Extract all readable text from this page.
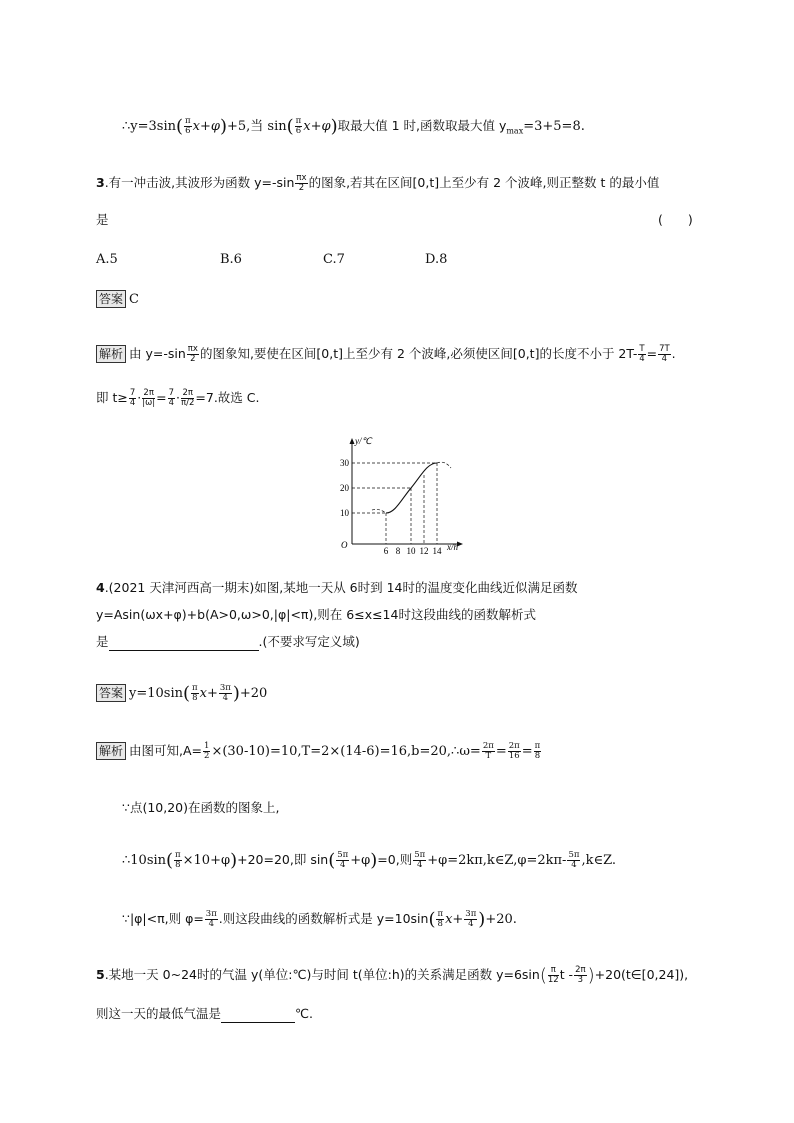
∴y=3sin( $\frac{\pi}{6} x+\varphi)+5$,当 $\sin( \frac{\pi}{6} x+\varphi)$取最大值 1 时,函数取最大值 $y_{max}=3+5=8$.
3.有一冲击波,其波形为函数 $y=-\sin \frac{\pi x}{2}$ 的图象,若其在区间[0,t]上至少有 2 个波峰,则正整数 t 的最小值
是	(　　)
A.5	B.6	C.7	D.8
答案 C
解析 由 $y=-\sin \frac{\pi x}{2}$ 的图象知,要使在区间[0,t]上至少有 2 个波峰,必须使区间[0,t]的长度不小于 $2T- \frac{T}{4} = \frac{7T}{4}$ .
即 $t\ge \frac{7}{4} \cdot \frac{2\pi}{|\omega|} = \frac{7}{4} \cdot \frac{2\pi}{\pi/2} =7$.故选 C.
y/℃
x/h
O
10
20
30
6 8 10 12 14
4.(2021 天津河西高一期末)如图,某地一天从 6时到 14时的温度变化曲线近似满足函数
y=Asin(ωx+φ)+b(A>0,ω>0,|φ|<π),则在 6≤x≤14时这段曲线的函数解析式
是	.(不要求写定义域)
答案 $y=10\sin( \frac{\pi}{8} x+ \frac{3\pi}{4} )+20$
解析 由图可知$,A= \frac{1}{2}$ ×(30-10)=10,T=2×(14-6)=16,b=20,∴ω= $\frac{2\pi}{T} = \frac{2\pi}{16} = \frac{\pi}{8}$
∵点(10,20)在函数的图象上,
∴10sin( $\frac{\pi}{8} \times 10+\varphi)+20=20$,即 $\sin( \frac{5\pi}{4} +\varphi)=0$,则 $\frac{5\pi}{4}$ +φ=2kπ,k∈Z,φ=2kπ- $\frac{5\pi}{4}$ ,k∈Z.
∵|φ|<π,则 $\varphi= \frac{3\pi}{4}$ .则这段曲线的函数解析式是 $y=10\sin( \frac{\pi}{8} x+ \frac{3\pi}{4} )+20$.
5.某地一天 0~24时的气温 y(单位:℃)与时间 t(单位:h)的关系满足函数 $y=6\sin( \frac{\pi}{12}$ t - $\frac{2\pi}{3}$ )+20(t∈[0,24]),
则这一天的最低气温是	℃.
